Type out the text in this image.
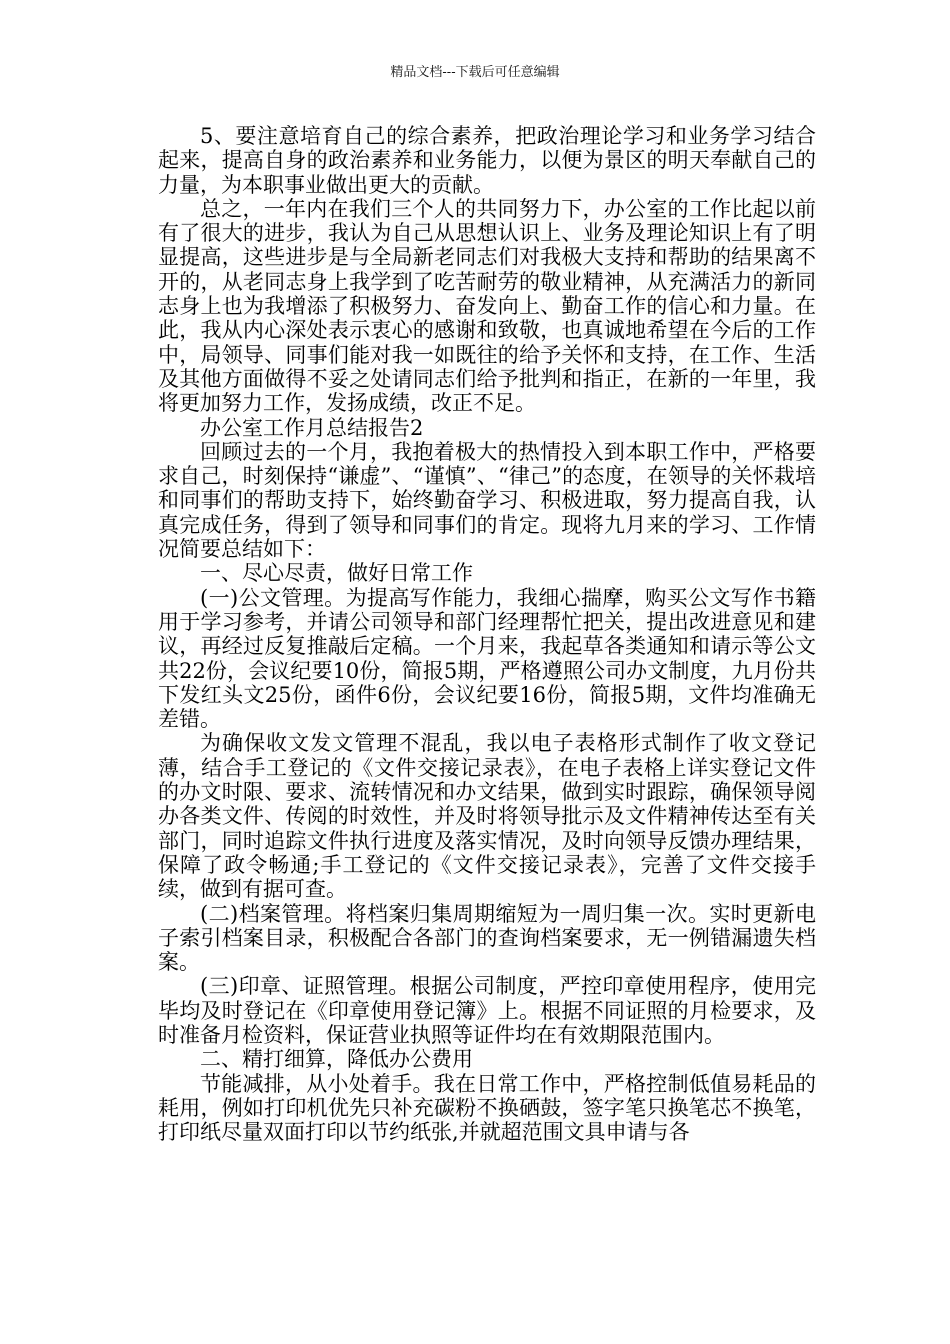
精品文档---下载后可任意编辑

5、要注意培育自己的综合素养，把政治理论学习和业务学习结合起来，提高自身的政治素养和业务能力，以便为景区的明天奉献自己的力量，为本职事业做出更大的贡献。

总之，一年内在我们三个人的共同努力下，办公室的工作比起以前有了很大的进步，我认为自己从思想认识上、业务及理论知识上有了明显提高，这些进步是与全局新老同志们对我极大支持和帮助的结果离不开的，从老同志身上我学到了吃苦耐劳的敬业精神，从充满活力的新同志身上也为我增添了积极努力、奋发向上、勤奋工作的信心和力量。在此，我从内心深处表示衷心的感谢和致敬，也真诚地希望在今后的工作中，局领导、同事们能对我一如既往的给予关怀和支持，在工作、生活及其他方面做得不妥之处请同志们给予批判和指正，在新的一年里，我将更加努力工作，发扬成绩，改正不足。

办公室工作月总结报告2

回顾过去的一个月，我抱着极大的热情投入到本职工作中，严格要求自己，时刻保持“谦虚”、“谨慎”、“律己”的态度，在领导的关怀栽培和同事们的帮助支持下，始终勤奋学习、积极进取，努力提高自我，认真完成任务，得到了领导和同事们的肯定。现将九月来的学习、工作情况简要总结如下：

一、尽心尽责，做好日常工作

(一)公文管理。为提高写作能力，我细心揣摩，购买公文写作书籍用于学习参考，并请公司领导和部门经理帮忙把关，提出改进意见和建议，再经过反复推敲后定稿。一个月来，我起草各类通知和请示等公文共22份，会议纪要10份，简报5期，严格遵照公司办文制度，九月份共下发红头文25份，函件6份，会议纪要16份，简报5期，文件均准确无差错。

为确保收文发文管理不混乱，我以电子表格形式制作了收文登记薄，结合手工登记的《文件交接记录表》，在电子表格上详实登记文件的办文时限、要求、流转情况和办文结果，做到实时跟踪，确保领导阅办各类文件、传阅的时效性，并及时将领导批示及文件精神传达至有关部门，同时追踪文件执行进度及落实情况，及时向领导反馈办理结果，保障了政令畅通;手工登记的《文件交接记录表》，完善了文件交接手续，做到有据可查。

(二)档案管理。将档案归集周期缩短为一周归集一次。实时更新电子索引档案目录，积极配合各部门的查询档案要求，无一例错漏遗失档案。

(三)印章、证照管理。根据公司制度，严控印章使用程序，使用完毕均及时登记在《印章使用登记簿》上。根据不同证照的月检要求，及时准备月检资料，保证营业执照等证件均在有效期限范围内。

二、精打细算，降低办公费用

节能减排，从小处着手。我在日常工作中，严格控制低值易耗品的耗用，例如打印机优先只补充碳粉不换硒鼓，签字笔只换笔芯不换笔，打印纸尽量双面打印以节约纸张,并就超范围文具申请与各
